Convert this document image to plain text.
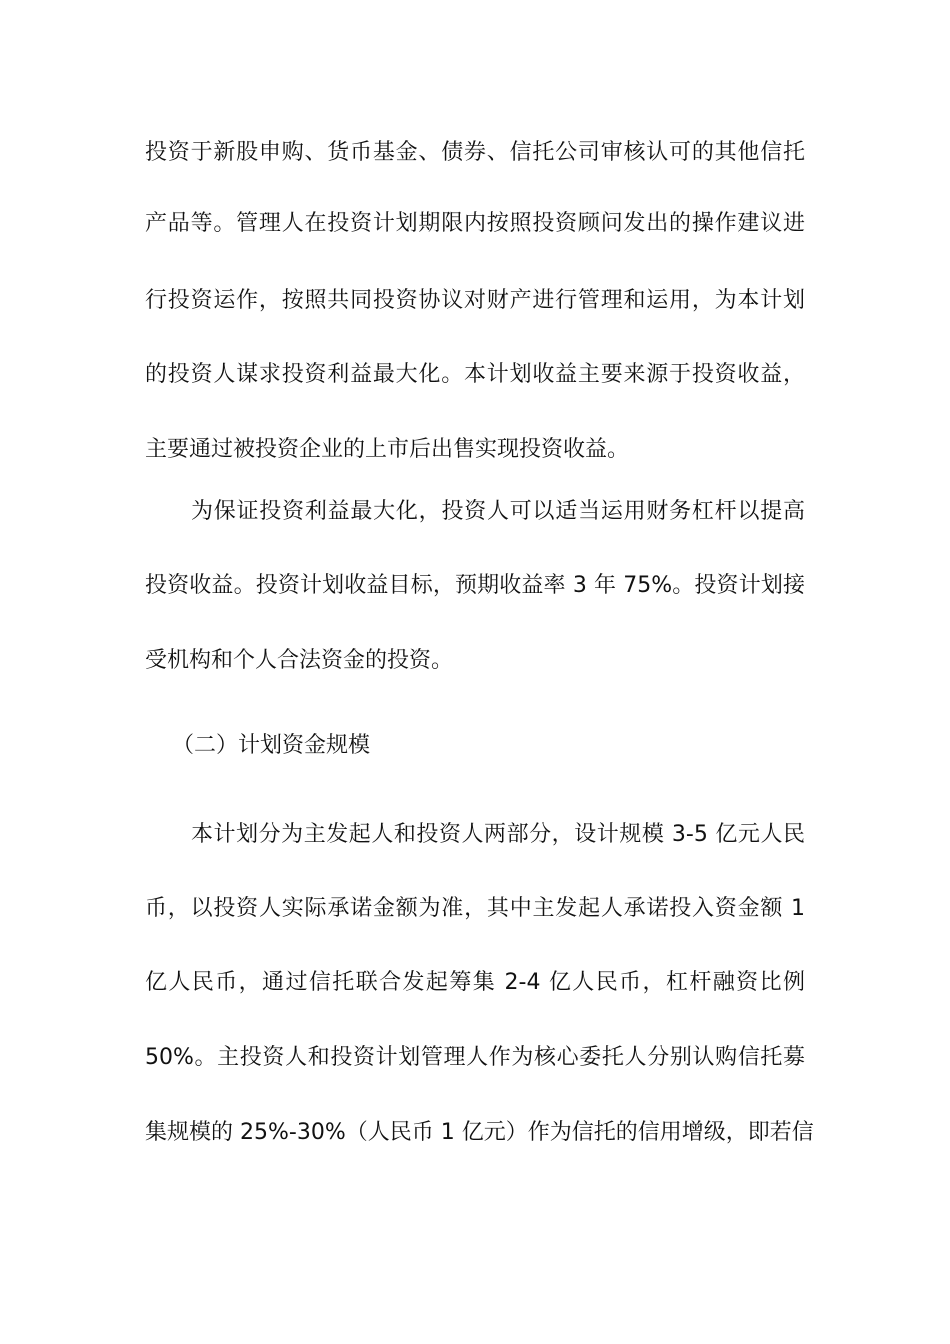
投资于新股申购、货币基金、债券、信托公司审核认可的其他信托
产品等。管理人在投资计划期限内按照投资顾问发出的操作建议进
行投资运作，按照共同投资协议对财产进行管理和运用，为本计划
的投资人谋求投资利益最大化。本计划收益主要来源于投资收益，
主要通过被投资企业的上市后出售实现投资收益。
为保证投资利益最大化，投资人可以适当运用财务杠杆以提高
投资收益。投资计划收益目标，预期收益率 3 年 75%。投资计划接
受机构和个人合法资金的投资。
（二）计划资金规模
本计划分为主发起人和投资人两部分，设计规模 3-5 亿元人民
币，以投资人实际承诺金额为准，其中主发起人承诺投入资金额 1
亿人民币，通过信托联合发起筹集 2-4 亿人民币，杠杆融资比例
50%。主投资人和投资计划管理人作为核心委托人分别认购信托募
集规模的 25%-30%（人民币 1 亿元）作为信托的信用增级，即若信
